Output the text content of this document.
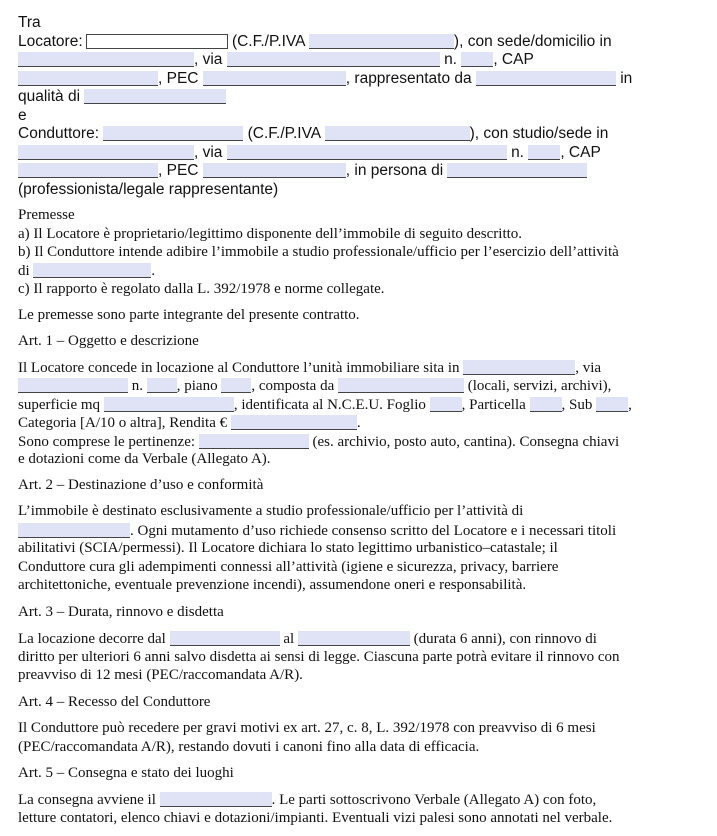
Tra
Locatore:	(C.F./P.IVA	), con sede/domicilio in
, via	n. , CAP
, PEC	, rappresentato da	in
qualità di
e
Conduttore:	(C.F./P.IVA	), con studio/sede in
, via	n. , CAP
, PEC	, in persona di
(professionista/legale rappresentante)
Premesse
a) Il Locatore è proprietario/legittimo disponente dell’immobile di seguito descritto.
b) Il Conduttore intende adibire l’immobile a studio professionale/ufficio per l’esercizio dell’attività
di	.
c) Il rapporto è regolato dalla L. 392/1978 e norme collegate.
Le premesse sono parte integrante del presente contratto.
Art. 1 – Oggetto e descrizione
Il Locatore concede in locazione al Conduttore l’unità immobiliare sita in	, via
n. , piano , composta da	(locali, servizi, archivi),
superficie mq	, identificata al N.C.E.U. Foglio , Particella , Sub ,
Categoria [A/10 o altra], Rendita €	.
Sono comprese le pertinenze:	(es. archivio, posto auto, cantina). Consegna chiavi
e dotazioni come da Verbale (Allegato A).
Art. 2 – Destinazione d’uso e conformità
L’immobile è destinato esclusivamente a studio professionale/ufficio per l’attività di
. Ogni mutamento d’uso richiede consenso scritto del Locatore e i necessari titoli
abilitativi (SCIA/permessi). Il Locatore dichiara lo stato legittimo urbanistico–catastale; il
Conduttore cura gli adempimenti connessi all’attività (igiene e sicurezza, privacy, barriere
architettoniche, eventuale prevenzione incendi), assumendone oneri e responsabilità.
Art. 3 – Durata, rinnovo e disdetta
La locazione decorre dal	al	(durata 6 anni), con rinnovo di
diritto per ulteriori 6 anni salvo disdetta ai sensi di legge. Ciascuna parte potrà evitare il rinnovo con
preavviso di 12 mesi (PEC/raccomandata A/R).
Art. 4 – Recesso del Conduttore
Il Conduttore può recedere per gravi motivi ex art. 27, c. 8, L. 392/1978 con preavviso di 6 mesi
(PEC/raccomandata A/R), restando dovuti i canoni fino alla data di efficacia.
Art. 5 – Consegna e stato dei luoghi
La consegna avviene il	. Le parti sottoscrivono Verbale (Allegato A) con foto,
letture contatori, elenco chiavi e dotazioni/impianti. Eventuali vizi palesi sono annotati nel verbale.
